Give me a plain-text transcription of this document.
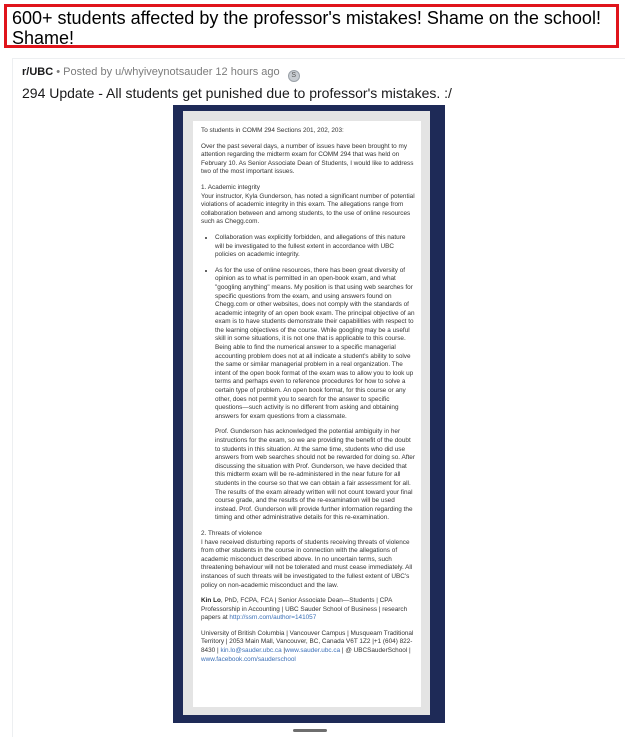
600+ students affected by the professor's mistakes! Shame on the school! Shame!
r/UBC • Posted by u/whyiveynotsauder 12 hours ago S
294 Update - All students get punished due to professor's mistakes. :/

To students in COMM 294 Sections 201, 202, 203:

Over the past several days, a number of issues have been brought to my attention regarding the midterm exam for COMM 294 that was held on February 10. As Senior Associate Dean of Students, I would like to address two of the most important issues.

1. Academic integrity
Your instructor, Kyla Gunderson, has noted a significant number of potential violations of academic integrity in this exam. The allegations range from collaboration between and among students, to the use of online resources such as Chegg.com.

• Collaboration was explicitly forbidden, and allegations of this nature will be investigated to the fullest extent in accordance with UBC policies on academic integrity.
• As for the use of online resources, there has been great diversity of opinion as to what is permitted in an open-book exam, and what "googling anything" means. My position is that using web searches for specific questions from the exam, and using answers found on Chegg.com or other websites, does not comply with the standards of academic integrity of an open book exam. The principal objective of an exam is to have students demonstrate their capabilities with respect to the learning objectives of the course. While googling may be a useful skill in some situations, it is not one that is applicable to this course. Being able to find the numerical answer to a specific managerial accounting problem does not at all indicate a student's ability to solve the same or similar managerial problem in a real organization. The intent of the open book format of the exam was to allow you to look up terms and perhaps even to reference procedures for how to solve a certain type of problem. An open book format, for this course or any other, does not permit you to search for the answer to specific questions—such activity is no different from asking and obtaining answers for exam questions from a classmate.
Prof. Gunderson has acknowledged the potential ambiguity in her instructions for the exam, so we are providing the benefit of the doubt to students in this situation. At the same time, students who did use answers from web searches should not be rewarded for doing so. After discussing the situation with Prof. Gunderson, we have decided that this midterm exam will be re-administered in the near future for all students in the course so that we can obtain a fair assessment for all. The results of the exam already written will not count toward your final course grade, and the results of the re-examination will be used instead. Prof. Gunderson will provide further information regarding the timing and other administrative details for this re-examination.

2. Threats of violence
I have received disturbing reports of students receiving threats of violence from other students in the course in connection with the allegations of academic misconduct described above. In no uncertain terms, such threatening behaviour will not be tolerated and must cease immediately. All instances of such threats will be investigated to the fullest extent of UBC's policy on non-academic misconduct and the law.

Kin Lo, PhD, FCPA, FCA | Senior Associate Dean—Students | CPA Professorship in Accounting | UBC Sauder School of Business | research papers at http://ssrn.com/author=141057

University of British Columbia | Vancouver Campus | Musqueam Traditional Territory | 2053 Main Mall, Vancouver, BC, Canada V6T 1Z2 |+1 (604) 822-8430 | kin.lo@sauder.ubc.ca |www.sauder.ubc.ca | @ UBCSauderSchool | www.facebook.com/sauderschool
